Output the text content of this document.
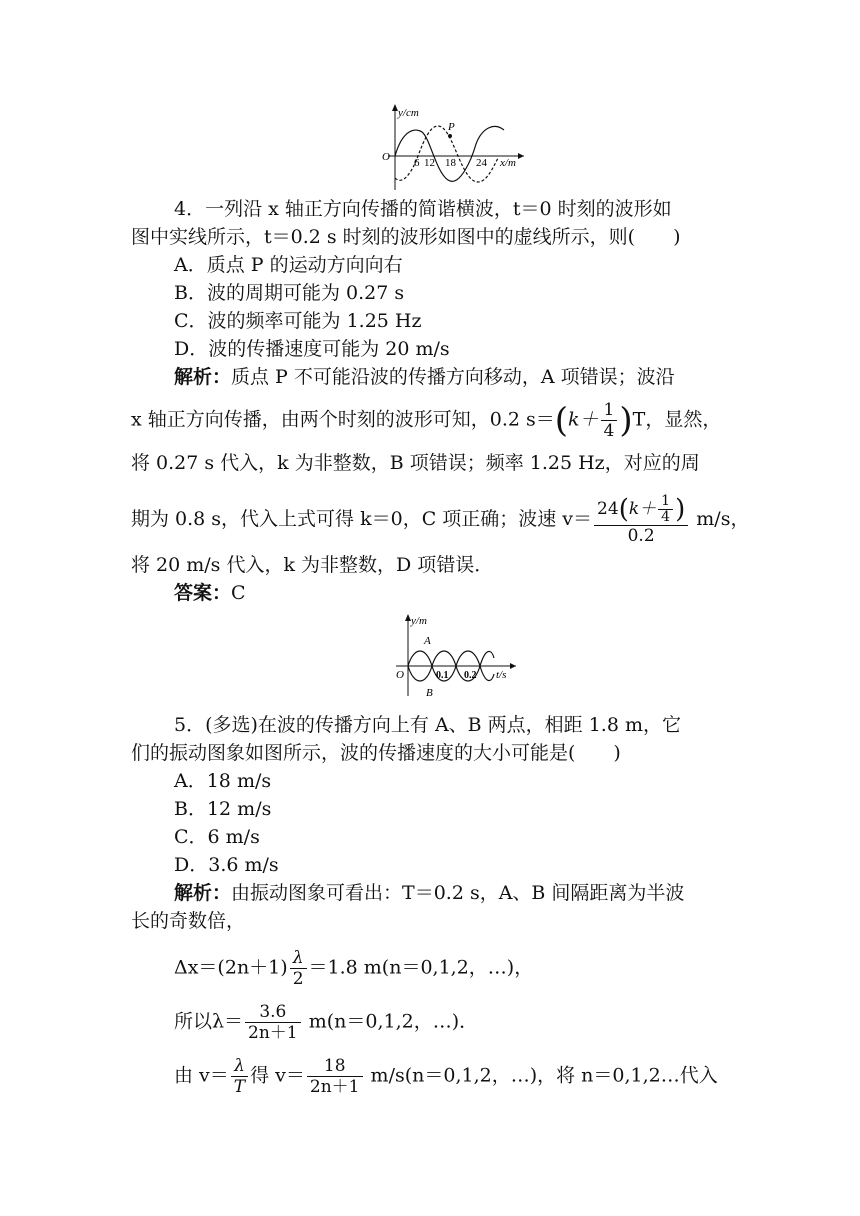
y/cm
x/m
O
P
6 12 18 24
4．一列沿 x 轴正方向传播的简谐横波，t＝0 时刻的波形如
图中实线所示，t＝0.2 s 时刻的波形如图中的虚线所示，则(　　)
A．质点 P 的运动方向向右
B．波的周期可能为 0.27 s
C．波的频率可能为 1.25 Hz
D．波的传播速度可能为 20 m/s
解析：质点 P 不可能沿波的传播方向移动，A 项错误；波沿
x 轴正方向传播，由两个时刻的波形可知，0.2 $s=(k+ \frac{1}{4} )T$，显然，
将 0.27 s 代入，k 为非整数，B 项错误；频率 1.25 Hz，对应的周
期为 0.8 s，代入上式可得 k＝0，C 项正确；波速 $v= \frac{24(k+ \frac{1}{4} )}{0.2} m/s$，
将 20 m/s 代入，k 为非整数，D 项错误．
答案：C
y/m
t/s
O
A
B
0.1 0.2
5．(多选)在波的传播方向上有 A、B 两点，相距 1.8 m，它
们的振动图象如图所示，波的传播速度的大小可能是(　　)
A．18 m/s
B．12 m/s
C．6 m/s
D．3.6 m/s
解析：由振动图象可看出：T＝0.2 s，A、B 间隔距离为半波
长的奇数倍，
$\Delta x=(2n+1) \frac{\lambda}{2} =1.8$ m(n＝0,1,2，…)，
所以$\lambda= \frac{3.6}{2n+1} m(n=0,1,2$，…)．
由 $v= \frac{\lambda}{T}$ 得 $v= \frac{18}{2n+1} m/s(n=0,1,2$，…)，将 n＝0,1,2…代入
